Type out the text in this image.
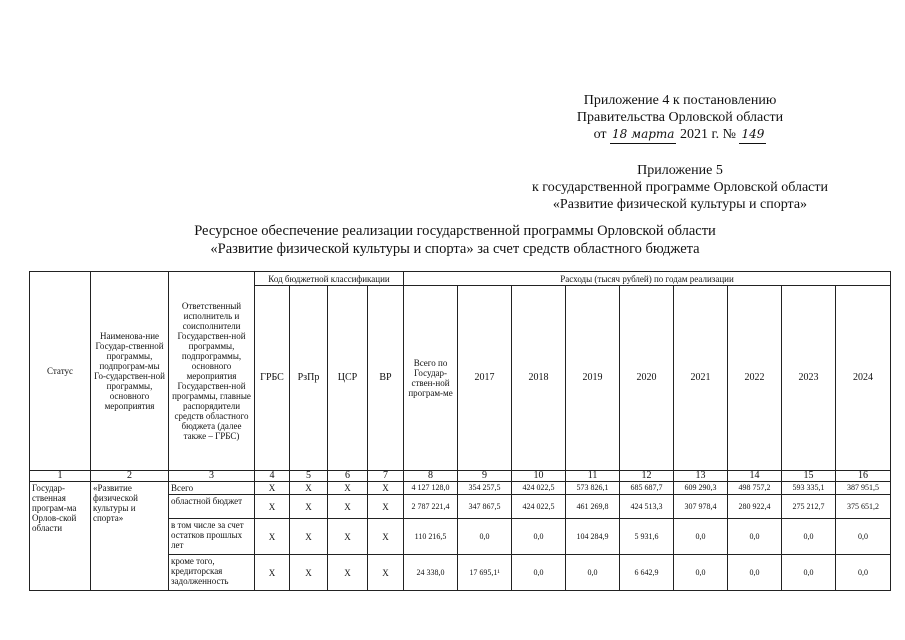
Приложение 4 к постановлению
Правительства Орловской области
от 18 марта 2021 г. № 149
Приложение 5
к государственной программе Орловской области
«Развитие физической культуры и спорта»
Ресурсное обеспечение реализации государственной программы Орловской области
«Развитие физической культуры и спорта» за счет средств областного бюджета
Статус	Наименова-ние Государ-ственной программы, подпрограм-мы Го-сударствен-ной программы, основного мероприятия	Ответственный исполнитель и соисполнители Государствен-ной программы, подпрограммы, основного мероприятия Государствен-ной программы, главные распорядители средств областного бюджета (далее также – ГРБС)	Код бюджетной классификации				Расходы (тысяч рублей) по годам реализации								
			ГРБС	РзПр	ЦСР	ВР	Всего по Государ-ствен-ной програм-ме	2017	2018	2019	2020	2021	2022	2023	2024
1	2	3	4	5	6	7	8	9	10	11	12	13	14	15	16
Государ-ственная програм-ма Орлов-ской области	«Развитие физической культуры и спорта»	Всего	Х	Х	Х	Х	4 127 128,0	354 257,5	424 022,5	573 826,1	685 687,7	609 290,3	498 757,2	593 335,1	387 951,5
		областной бюджет	Х	Х	Х	Х	2 787 221,4	347 867,5	424 022,5	461 269,8	424 513,3	307 978,4	280 922,4	275 212,7	375 651,2
		в том числе за счет остатков прошлых лет	Х	Х	Х	Х	110 216,5	0,0	0,0	104 284,9	5 931,6	0,0	0,0	0,0	0,0
		кроме того, кредиторская задолженность	Х	Х	Х	Х	24 338,0	17 695,1¹	0,0	0,0	6 642,9	0,0	0,0	0,0	0,0
